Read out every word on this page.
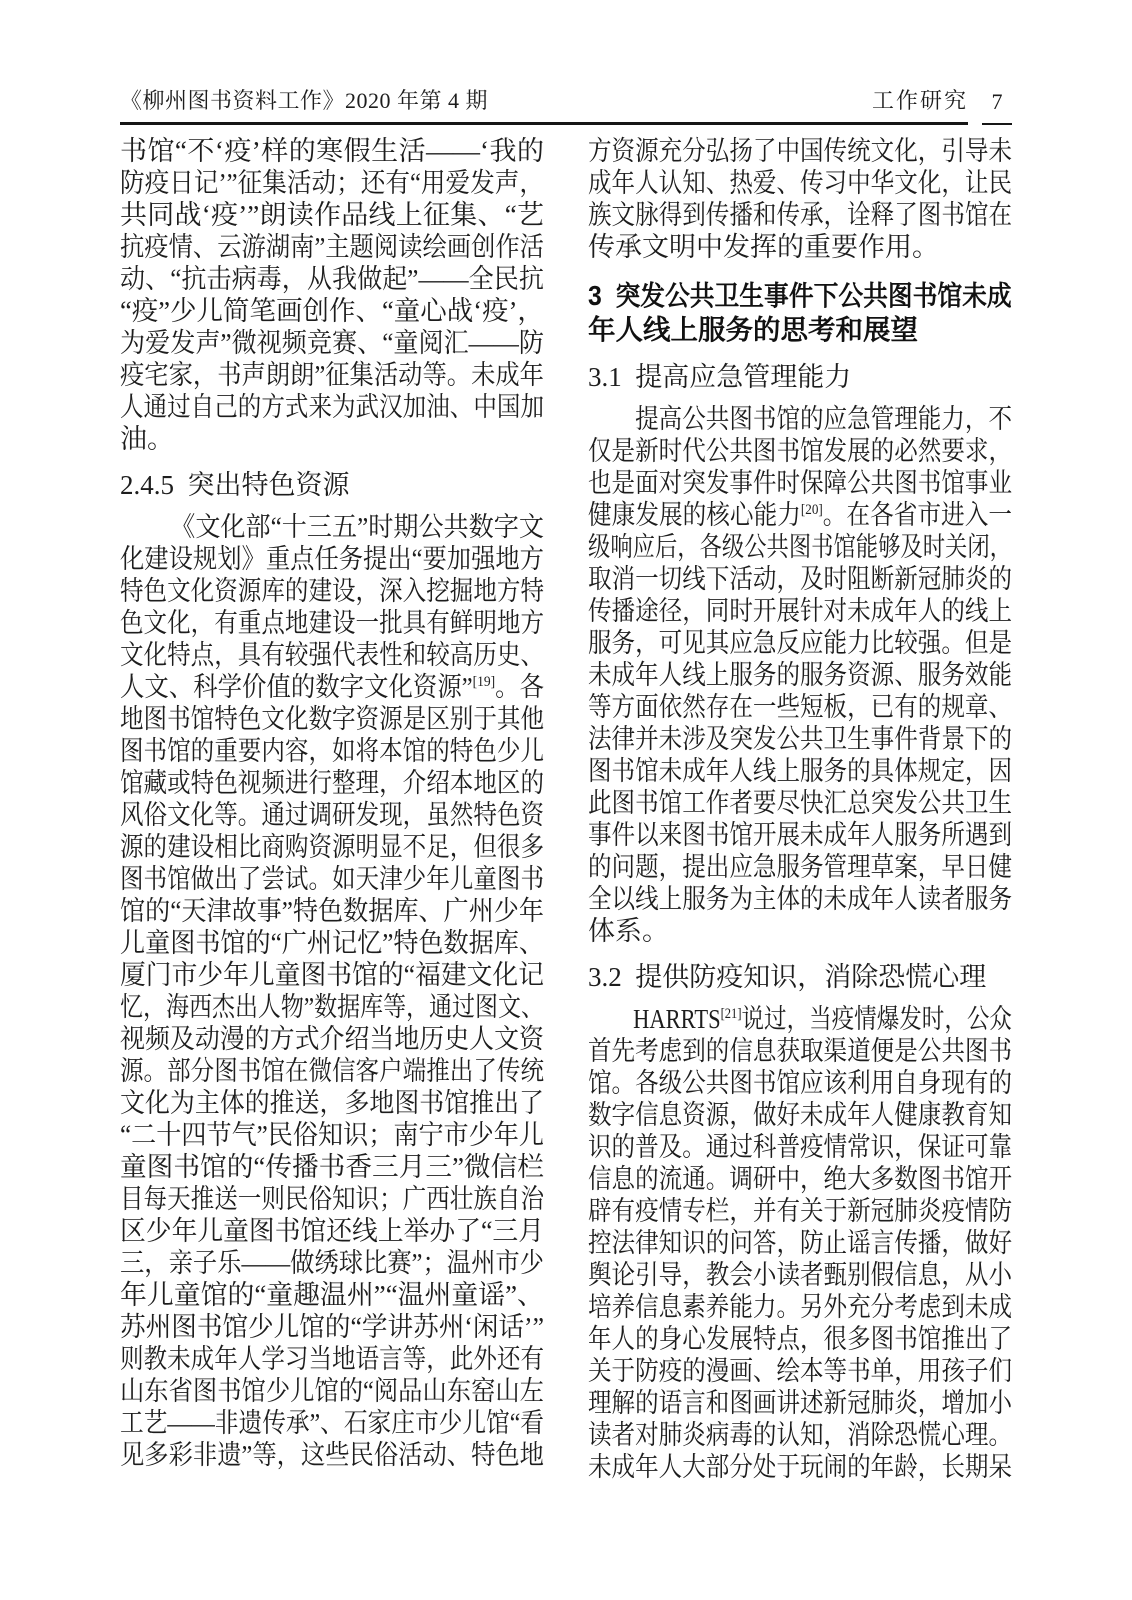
《柳州图书资料工作》2020 年第 4 期	工作研究	7
书馆“不‘疫’样的寒假生活——‘我的
防疫日记’”征集活动；还有“用爱发声，
共同战‘疫’”朗读作品线上征集、“艺
抗疫情、云游湖南”主题阅读绘画创作活
动、“抗击病毒，从我做起”——全民抗
“疫”少儿简笔画创作、“童心战‘疫’，
为爱发声”微视频竞赛、“童阅汇——防
疫宅家，书声朗朗”征集活动等。未成年
人通过自己的方式来为武汉加油、中国加
油。
2.4.5  突出特色资源
《文化部“十三五”时期公共数字文
化建设规划》重点任务提出“要加强地方
特色文化资源库的建设，深入挖掘地方特
色文化，有重点地建设一批具有鲜明地方
文化特点，具有较强代表性和较高历史、
人文、科学价值的数字文化资源”[19]。各
地图书馆特色文化数字资源是区别于其他
图书馆的重要内容，如将本馆的特色少儿
馆藏或特色视频进行整理，介绍本地区的
风俗文化等。通过调研发现，虽然特色资
源的建设相比商购资源明显不足，但很多
图书馆做出了尝试。如天津少年儿童图书
馆的“天津故事”特色数据库、广州少年
儿童图书馆的“广州记忆”特色数据库、
厦门市少年儿童图书馆的“福建文化记
忆，海西杰出人物”数据库等，通过图文、
视频及动漫的方式介绍当地历史人文资
源。部分图书馆在微信客户端推出了传统
文化为主体的推送，多地图书馆推出了
“二十四节气”民俗知识；南宁市少年儿
童图书馆的“传播书香三月三”微信栏
目每天推送一则民俗知识；广西壮族自治
区少年儿童图书馆还线上举办了“三月
三，亲子乐——做绣球比赛”；温州市少
年儿童馆的“童趣温州”“温州童谣”、
苏州图书馆少儿馆的“学讲苏州‘闲话’”
则教未成年人学习当地语言等，此外还有
山东省图书馆少儿馆的“阅品山东窑山左
工艺——非遗传承”、石家庄市少儿馆“看
见多彩非遗”等，这些民俗活动、特色地
方资源充分弘扬了中国传统文化，引导未
成年人认知、热爱、传习中华文化，让民
族文脉得到传播和传承，诠释了图书馆在
传承文明中发挥的重要作用。
3  突发公共卫生事件下公共图书馆未成
年人线上服务的思考和展望
3.1  提高应急管理能力
提高公共图书馆的应急管理能力，不
仅是新时代公共图书馆发展的必然要求，
也是面对突发事件时保障公共图书馆事业
健康发展的核心能力[20]。在各省市进入一
级响应后，各级公共图书馆能够及时关闭，
取消一切线下活动，及时阻断新冠肺炎的
传播途径，同时开展针对未成年人的线上
服务，可见其应急反应能力比较强。但是
未成年人线上服务的服务资源、服务效能
等方面依然存在一些短板，已有的规章、
法律并未涉及突发公共卫生事件背景下的
图书馆未成年人线上服务的具体规定，因
此图书馆工作者要尽快汇总突发公共卫生
事件以来图书馆开展未成年人服务所遇到
的问题，提出应急服务管理草案，早日健
全以线上服务为主体的未成年人读者服务
体系。
3.2  提供防疫知识，消除恐慌心理
HARRTS[21]说过，当疫情爆发时，公众
首先考虑到的信息获取渠道便是公共图书
馆。各级公共图书馆应该利用自身现有的
数字信息资源，做好未成年人健康教育知
识的普及。通过科普疫情常识，保证可靠
信息的流通。调研中，绝大多数图书馆开
辟有疫情专栏，并有关于新冠肺炎疫情防
控法律知识的问答，防止谣言传播，做好
舆论引导，教会小读者甄别假信息，从小
培养信息素养能力。另外充分考虑到未成
年人的身心发展特点，很多图书馆推出了
关于防疫的漫画、绘本等书单，用孩子们
理解的语言和图画讲述新冠肺炎，增加小
读者对肺炎病毒的认知，消除恐慌心理。
未成年人大部分处于玩闹的年龄，长期呆
